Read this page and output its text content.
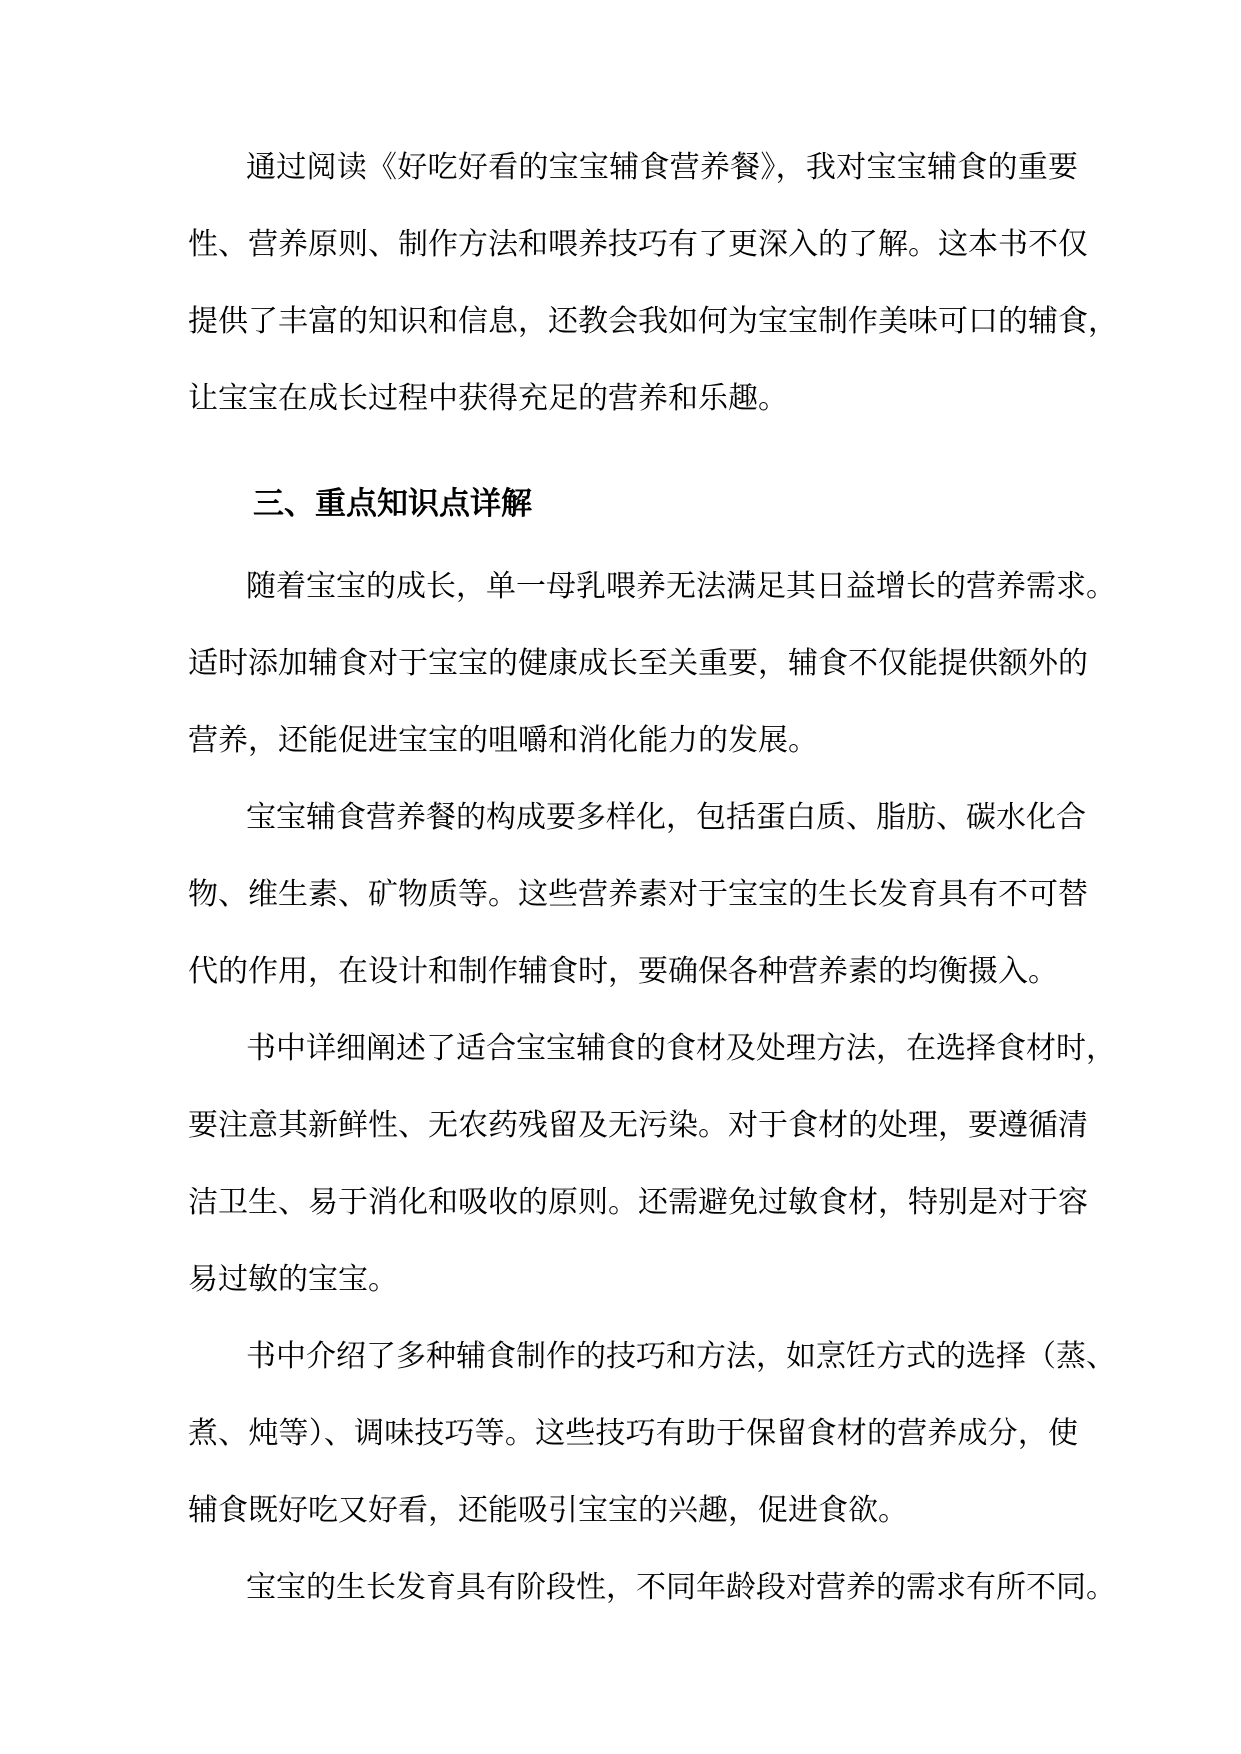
通过阅读《好吃好看的宝宝辅食营养餐》，我对宝宝辅食的重要

性、营养原则、制作方法和喂养技巧有了更深入的了解。这本书不仅

提供了丰富的知识和信息，还教会我如何为宝宝制作美味可口的辅食，

让宝宝在成长过程中获得充足的营养和乐趣。

三、重点知识点详解

随着宝宝的成长，单一母乳喂养无法满足其日益增长的营养需求。

适时添加辅食对于宝宝的健康成长至关重要，辅食不仅能提供额外的

营养，还能促进宝宝的咀嚼和消化能力的发展。

宝宝辅食营养餐的构成要多样化，包括蛋白质、脂肪、碳水化合

物、维生素、矿物质等。这些营养素对于宝宝的生长发育具有不可替

代的作用，在设计和制作辅食时，要确保各种营养素的均衡摄入。

书中详细阐述了适合宝宝辅食的食材及处理方法，在选择食材时，

要注意其新鲜性、无农药残留及无污染。对于食材的处理，要遵循清

洁卫生、易于消化和吸收的原则。还需避免过敏食材，特别是对于容

易过敏的宝宝。

书中介绍了多种辅食制作的技巧和方法，如烹饪方式的选择（蒸、

煮、炖等）、调味技巧等。这些技巧有助于保留食材的营养成分，使

辅食既好吃又好看，还能吸引宝宝的兴趣，促进食欲。

宝宝的生长发育具有阶段性，不同年龄段对营养的需求有所不同。
